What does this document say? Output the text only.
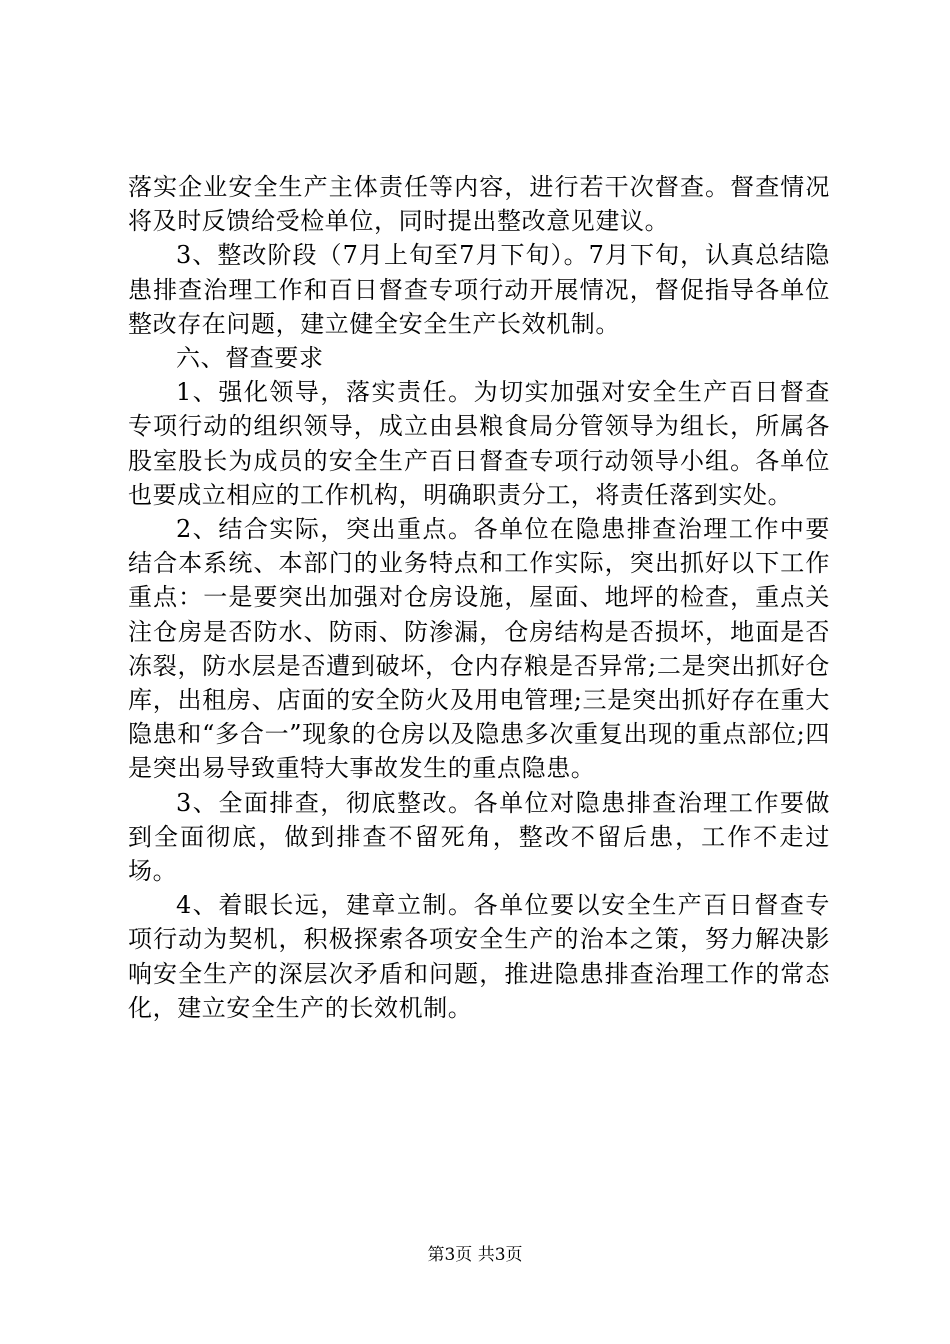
落实企业安全生产主体责任等内容，进行若干次督查。督查情况将及时反馈给受检单位，同时提出整改意见建议。

3、整改阶段（7月上旬至7月下旬）。7月下旬，认真总结隐患排查治理工作和百日督查专项行动开展情况，督促指导各单位整改存在问题，建立健全安全生产长效机制。

六、督查要求

1、强化领导，落实责任。为切实加强对安全生产百日督查专项行动的组织领导，成立由县粮食局分管领导为组长，所属各股室股长为成员的安全生产百日督查专项行动领导小组。各单位也要成立相应的工作机构，明确职责分工，将责任落到实处。

2、结合实际，突出重点。各单位在隐患排查治理工作中要结合本系统、本部门的业务特点和工作实际，突出抓好以下工作重点：一是要突出加强对仓房设施，屋面、地坪的检查，重点关注仓房是否防水、防雨、防渗漏，仓房结构是否损坏，地面是否冻裂，防水层是否遭到破坏，仓内存粮是否异常;二是突出抓好仓库，出租房、店面的安全防火及用电管理;三是突出抓好存在重大隐患和“多合一”现象的仓房以及隐患多次重复出现的重点部位;四是突出易导致重特大事故发生的重点隐患。

3、全面排查，彻底整改。各单位对隐患排查治理工作要做到全面彻底，做到排查不留死角，整改不留后患，工作不走过场。

4、着眼长远，建章立制。各单位要以安全生产百日督查专项行动为契机，积极探索各项安全生产的治本之策，努力解决影响安全生产的深层次矛盾和问题，推进隐患排查治理工作的常态化，建立安全生产的长效机制。

第3页 共3页
